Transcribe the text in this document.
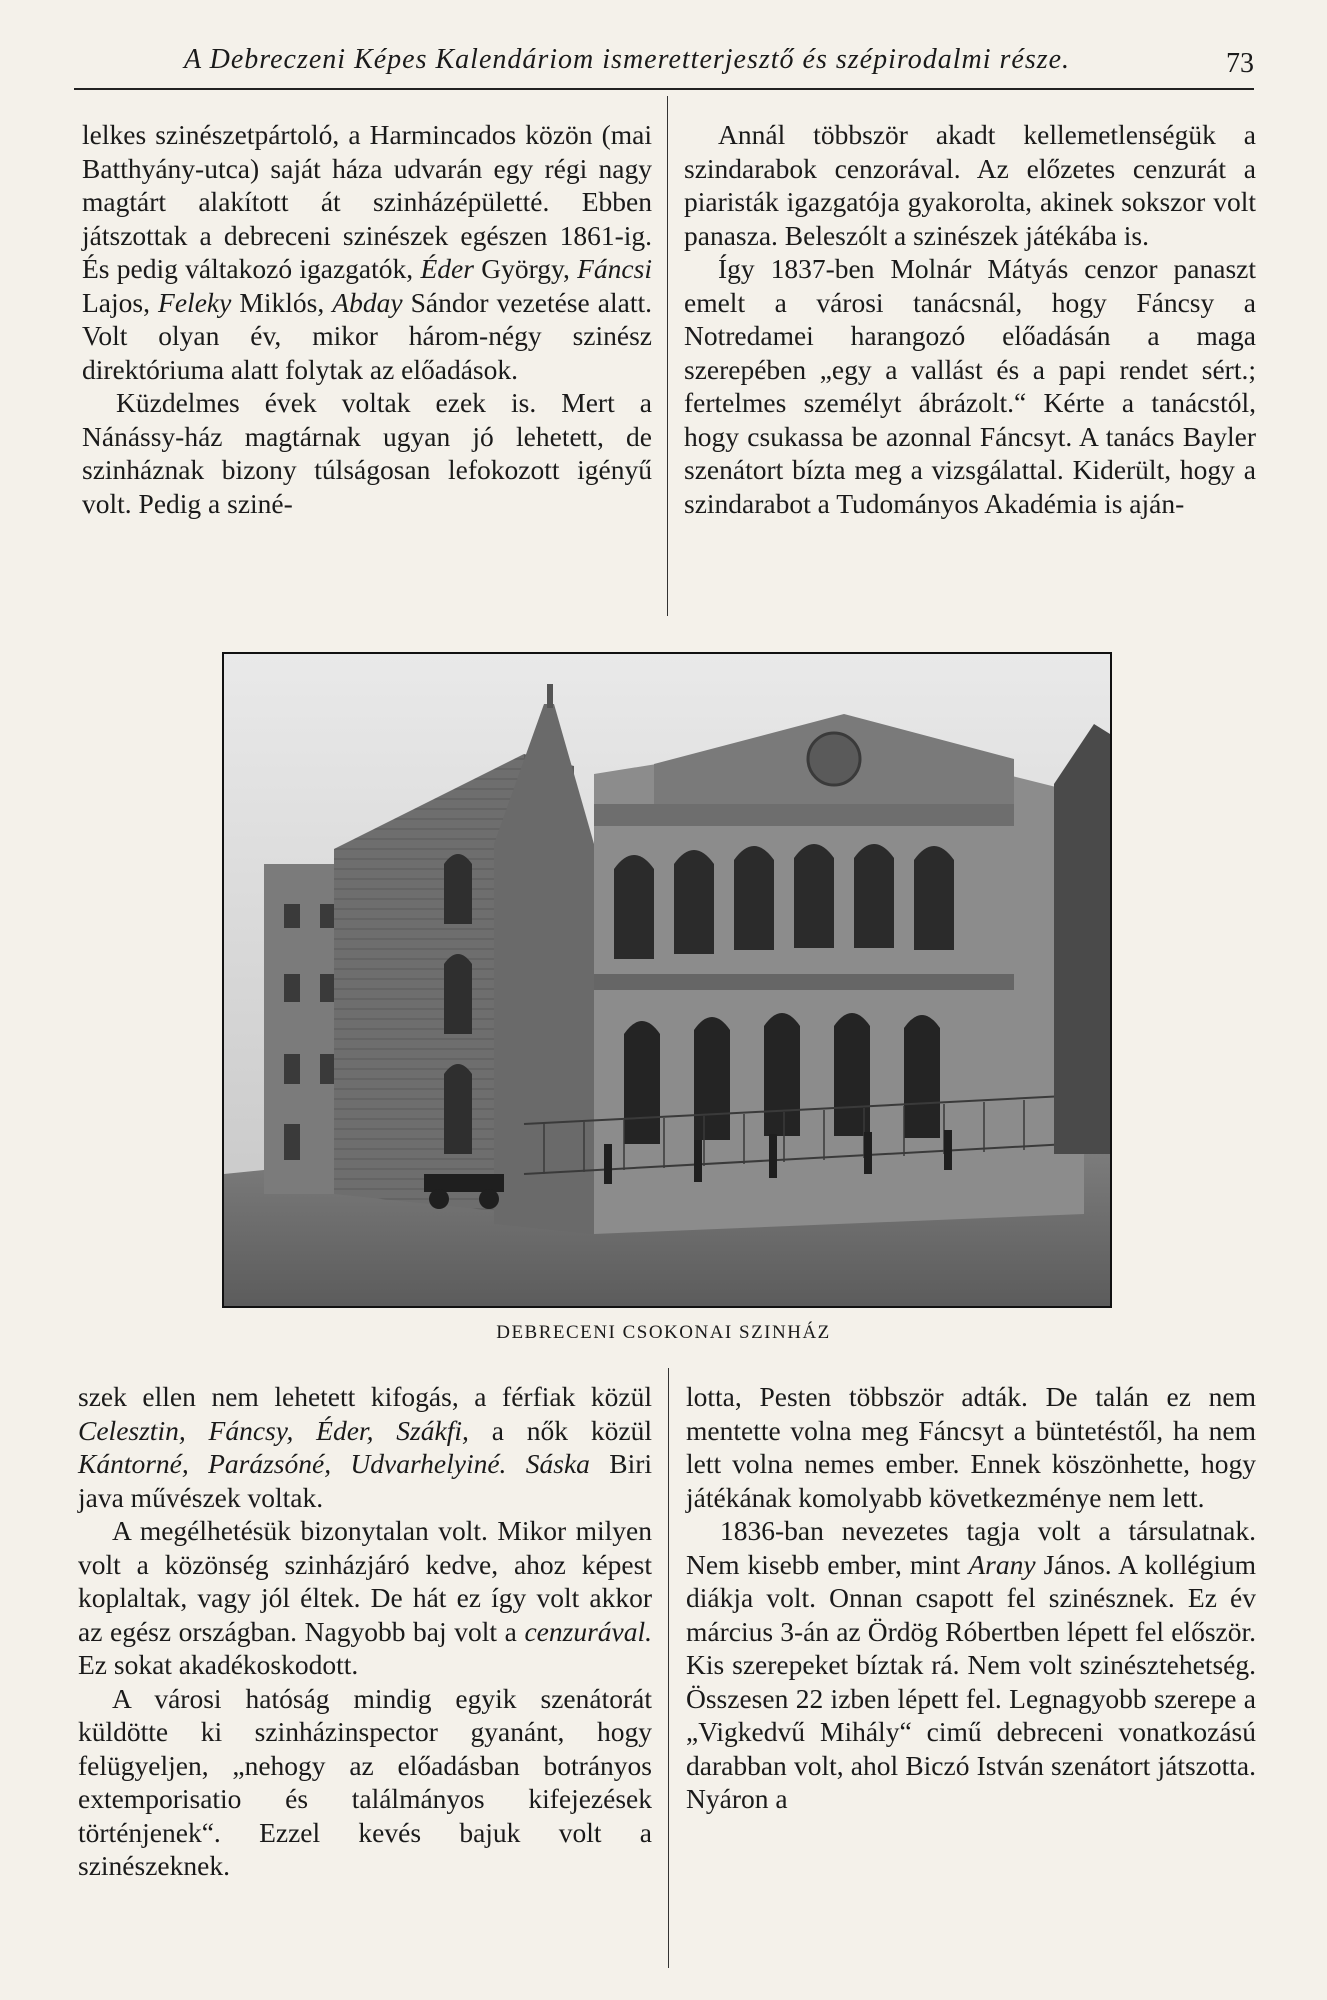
A Debreczeni Képes Kalendáriom ismeretterjesztő és szépirodalmi része.	73

lelkes szinészetpártoló, a Harmincados közön (mai Batthyány-utca) saját háza udvarán egy régi nagy magtárt alakított át szinházépületté. Ebben játszottak a debreceni szinészek egészen 1861-ig. És pedig váltakozó igazgatók, Éder György, Fáncsi Lajos, Feleky Miklós, Abday Sándor vezetése alatt. Volt olyan év, mikor három-négy szinész direktóriuma alatt folytak az előadások.

Küzdelmes évek voltak ezek is. Mert a Nánássy-ház magtárnak ugyan jó lehetett, de szinháznak bizony túlságosan lefokozott igényű volt. Pedig a sziné-

Annál többször akadt kellemetlenségük a szindarabok cenzorával. Az előzetes cenzurát a piaristák igazgatója gyakorolta, akinek sokszor volt panasza. Beleszólt a szinészek játékába is.

Így 1837-ben Molnár Mátyás cenzor panaszt emelt a városi tanácsnál, hogy Fáncsy a Notredamei harangozó előadásán a maga szerepében „egy a vallást és a papi rendet sért.; fertelmes személyt ábrázolt.“ Kérte a tanácstól, hogy csukassa be azonnal Fáncsyt. A tanács Bayler szenátort bízta meg a vizsgálattal. Kiderült, hogy a szindarabot a Tudományos Akadémia is aján-

DEBRECENI CSOKONAI SZINHÁZ

szek ellen nem lehetett kifogás, a férfiak közül Celesztin, Fáncsy, Éder, Szákfi, a nők közül Kántorné, Parázsóné, Udvarhelyiné. Sáska Biri java művészek voltak.

A megélhetésük bizonytalan volt. Mikor milyen volt a közönség szinházjáró kedve, ahoz képest koplaltak, vagy jól éltek. De hát ez így volt akkor az egész országban. Nagyobb baj volt a cenzurával. Ez sokat akadékoskodott.

A városi hatóság mindig egyik szenátorát küldötte ki szinházinspector gyanánt, hogy felügyeljen, „nehogy az előadásban botrányos extemporisatio és találmányos kifejezések történjenek“. Ezzel kevés bajuk volt a szinészeknek.

lotta, Pesten többször adták. De talán ez nem mentette volna meg Fáncsyt a büntetéstől, ha nem lett volna nemes ember. Ennek köszönhette, hogy játékának komolyabb következménye nem lett.

1836-ban nevezetes tagja volt a társulatnak. Nem kisebb ember, mint Arany János. A kollégium diákja volt. Onnan csapott fel szinésznek. Ez év március 3-án az Ördög Róbertben lépett fel először. Kis szerepeket bíztak rá. Nem volt szinésztehetség. Összesen 22 izben lépett fel. Legnagyobb szerepe a „Vigkedvű Mihály“ cimű debreceni vonatkozású darabban volt, ahol Biczó István szenátort játszotta. Nyáron a
